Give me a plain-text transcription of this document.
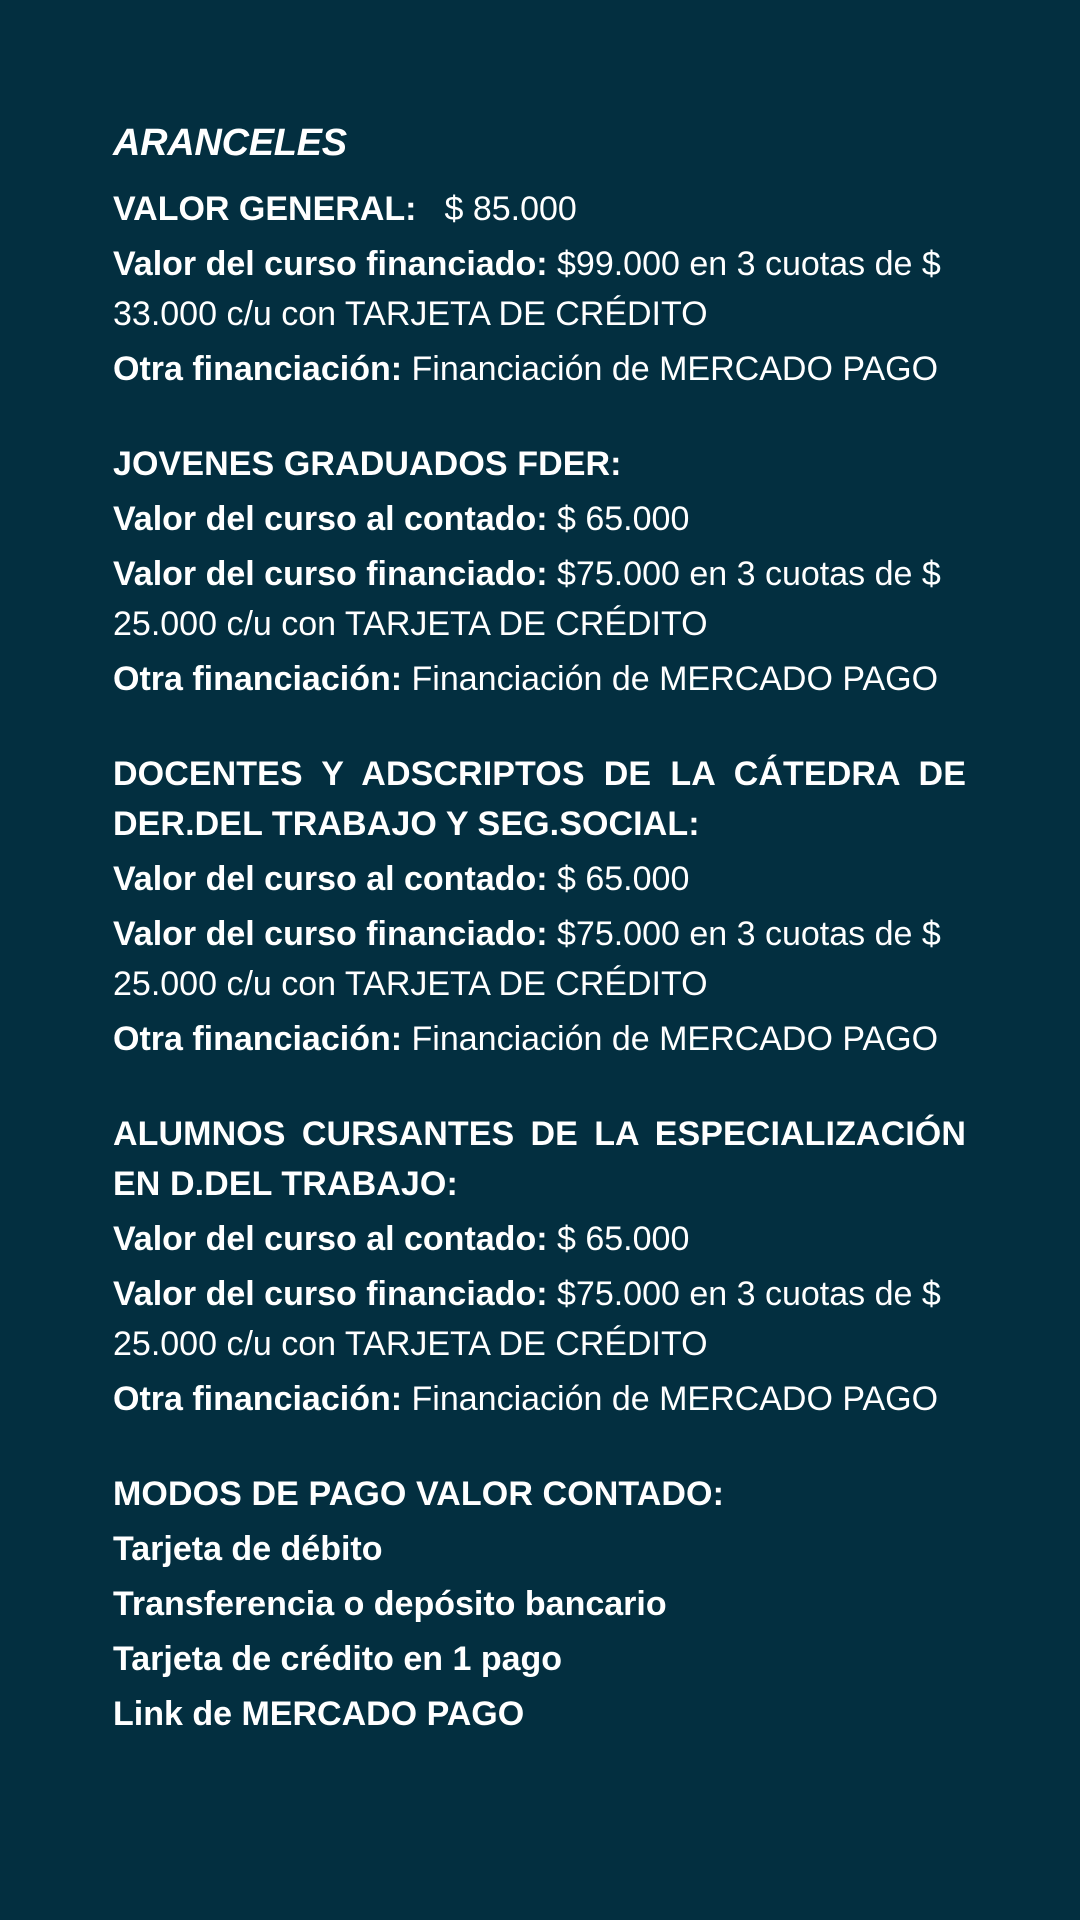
ARANCELES
VALOR GENERAL: $ 85.000
Valor del curso financiado: $99.000 en 3 cuotas de $ 33.000 c/u con TARJETA DE CRÉDITO
Otra financiación: Financiación de MERCADO PAGO
JOVENES GRADUADOS FDER:
Valor del curso al contado: $ 65.000
Valor del curso financiado: $75.000 en 3 cuotas de $ 25.000 c/u con TARJETA DE CRÉDITO
Otra financiación: Financiación de MERCADO PAGO
DOCENTES Y ADSCRIPTOS DE LA CÁTEDRA DE DER.DEL TRABAJO Y SEG.SOCIAL:
Valor del curso al contado: $ 65.000
Valor del curso financiado: $75.000 en 3 cuotas de $ 25.000 c/u con TARJETA DE CRÉDITO
Otra financiación: Financiación de MERCADO PAGO
ALUMNOS CURSANTES DE LA ESPECIALIZACIÓN EN D.DEL TRABAJO:
Valor del curso al contado: $ 65.000
Valor del curso financiado: $75.000 en 3 cuotas de $ 25.000 c/u con TARJETA DE CRÉDITO
Otra financiación: Financiación de MERCADO PAGO
MODOS DE PAGO VALOR CONTADO:
Tarjeta de débito
Transferencia o depósito bancario
Tarjeta de crédito en 1 pago
Link de MERCADO PAGO
